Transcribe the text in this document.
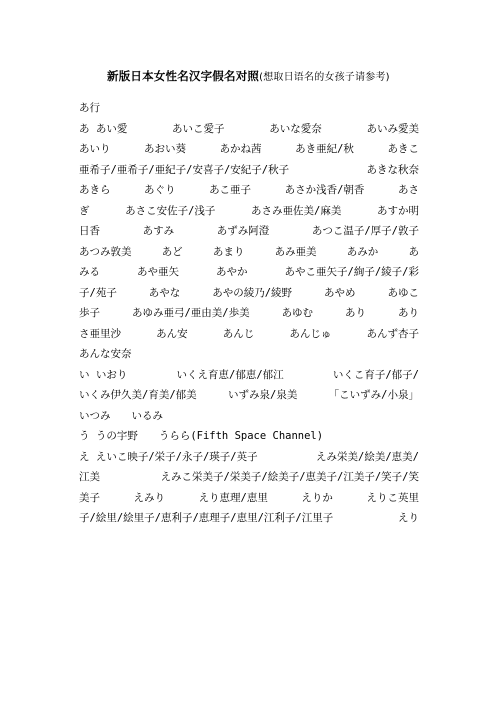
新版日本女性名汉字假名对照(想取日语名的女孩子请参考)
あ行
あ あい愛	あいこ愛子	あいな愛奈	あいみ愛美
あいり	あおい葵	あかね茜	あき亜紀/秋	あきこ
亜希子/亜希子/亜紀子/安喜子/安紀子/秋子	あきな秋奈
あきら	あぐり	あこ亜子	あさか浅香/朝香	あさ
ぎ	あさこ安佐子/浅子	あさみ亜佐美/麻美	あすか明
日香	あすみ	あずみ阿澄	あつこ温子/厚子/敦子
あつみ敦美	あど	あまり	あみ亜美	あみか	あ
みる	あや亜矢	あやか	あやこ亜矢子/絢子/綾子/彩
子/苑子	あやな	あやの綾乃/綾野	あやめ	あゆこ
歩子	あゆみ亜弓/亜由美/歩美	あゆむ	あり	あり
さ亜里沙	あん安	あんじ	あんじゅ	あんず杏子
あんな安奈
い いおり	いくえ育恵/郁恵/郁江	いくこ育子/郁子/
いくみ伊久美/育美/郁美	いずみ泉/泉美	「こいずみ/小泉」
いつみ　　いるみ
う うの宇野　　うらら(Fifth Space Channel)
え えいこ映子/栄子/永子/瑛子/英子	えみ栄美/絵美/恵美/
江美	えみこ栄美子/栄美子/絵美子/恵美子/江美子/笑子/笑
美子	えみり	えり恵理/恵里	えりか	えりこ英里
子/絵里/絵里子/恵利子/恵理子/恵里/江利子/江里子	えり
